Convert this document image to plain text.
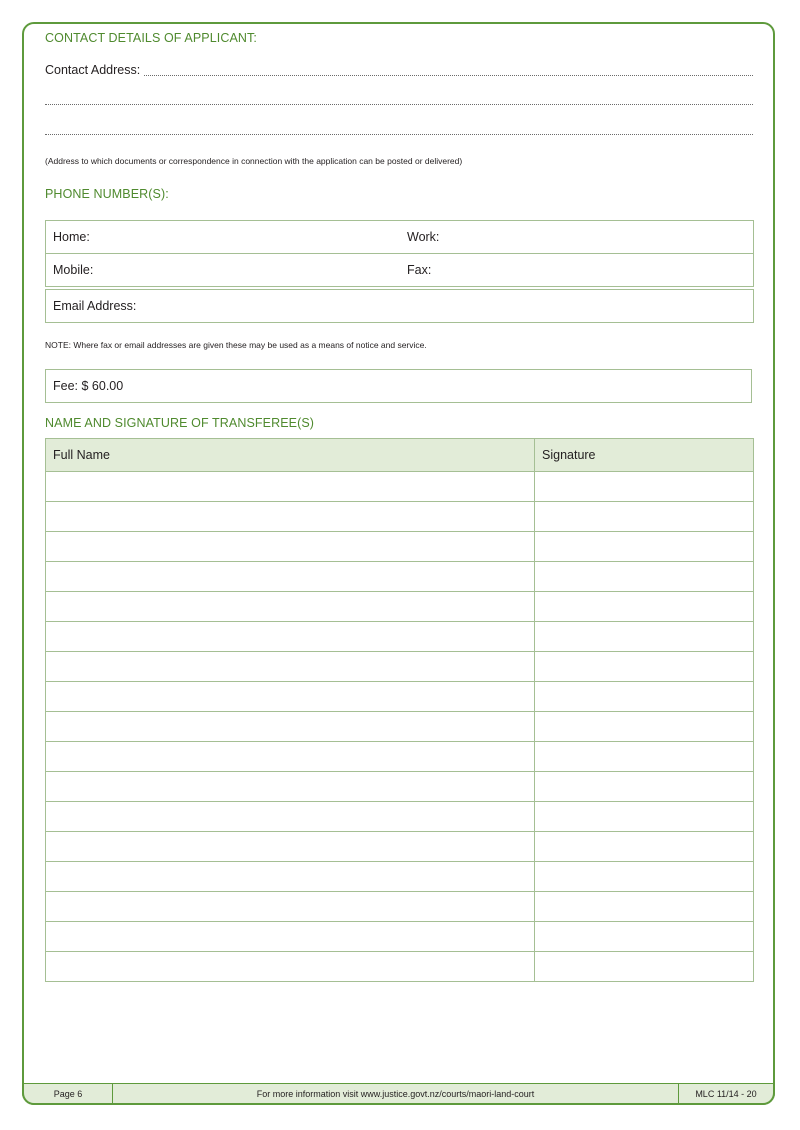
CONTACT DETAILS OF APPLICANT:
Contact Address:
(Address to which documents or correspondence in connection with the application can be posted or delivered)
PHONE NUMBER(S):
Home:	Work:
Mobile:	Fax:
Email Address:
NOTE: Where fax or email addresses are given these may be used as a means of notice and service.
Fee: $ 60.00
NAME AND SIGNATURE OF TRANSFEREE(S)
Full Name	Signature

Page 6	For more information visit www.justice.govt.nz/courts/maori-land-court	MLC 11/14 - 20
